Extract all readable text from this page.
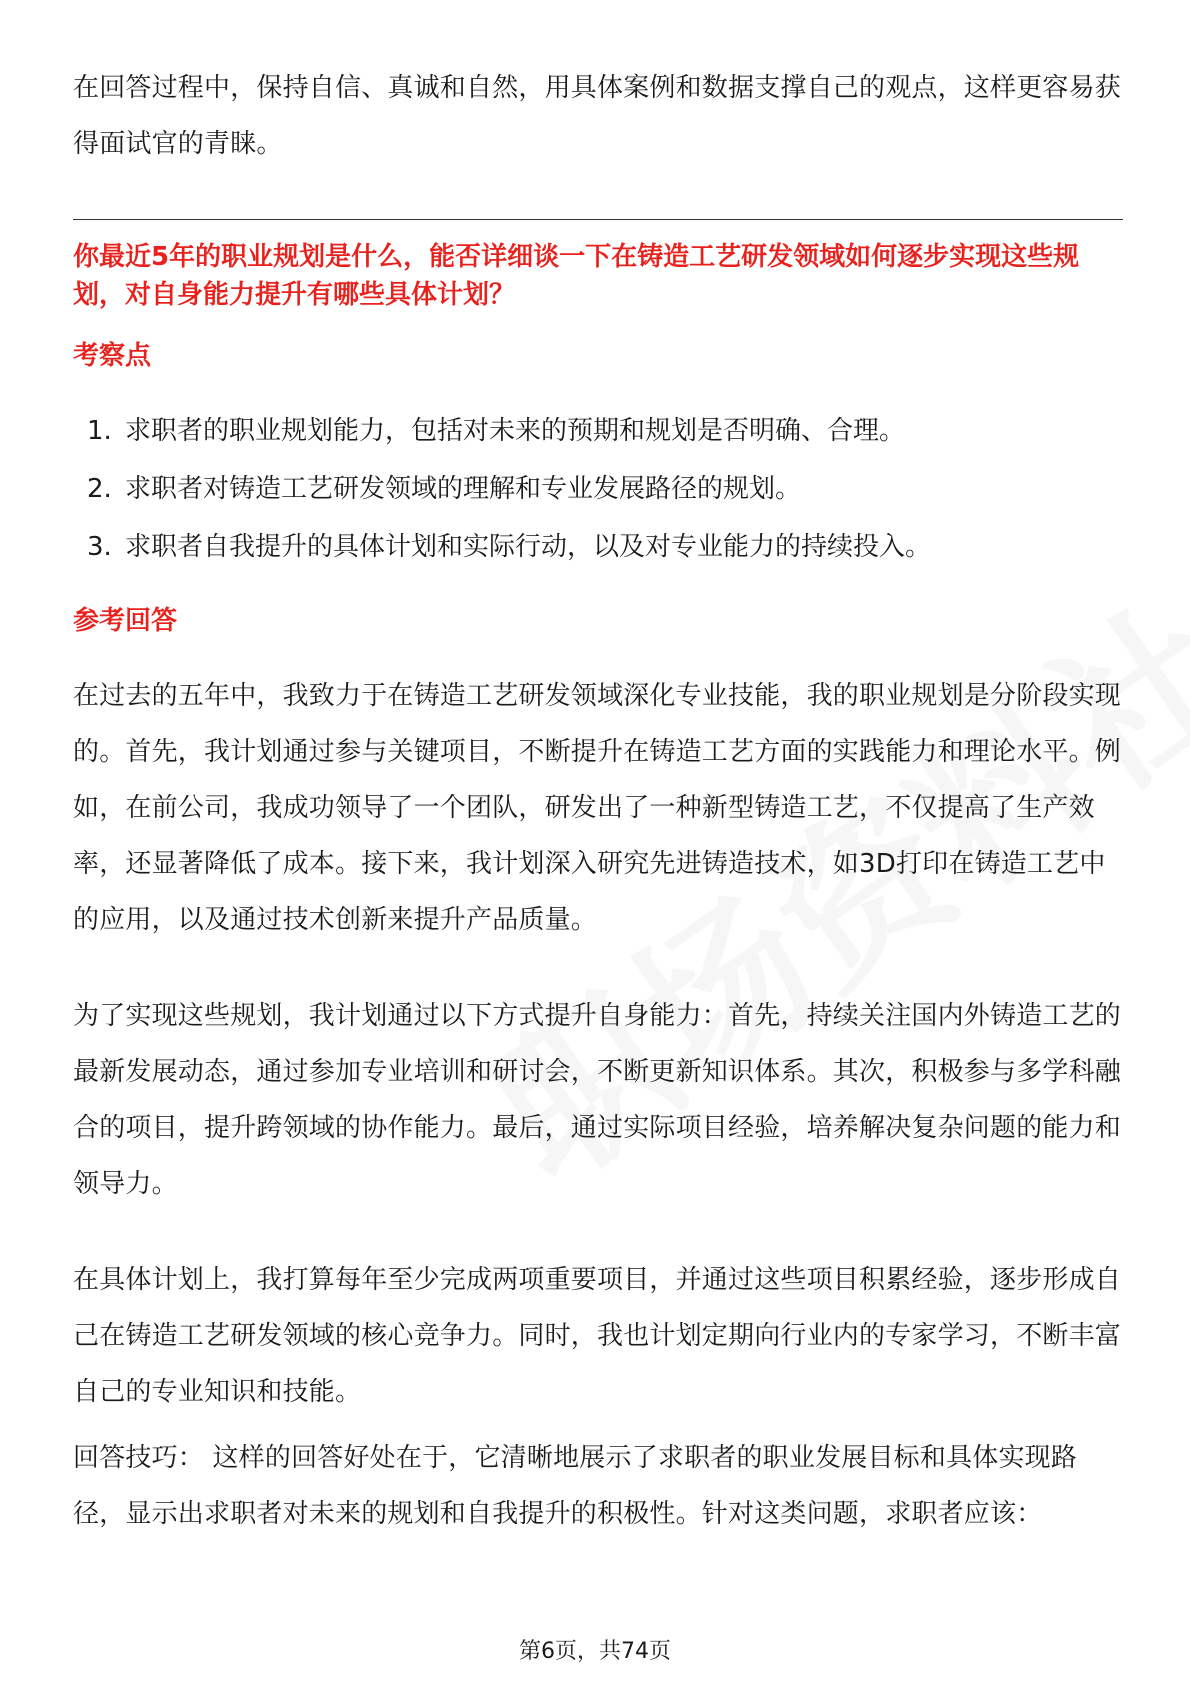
在回答过程中，保持自信、真诚和自然，用具体案例和数据支撑自己的观点，这样更容易获得面试官的青睐。

你最近5年的职业规划是什么，能否详细谈一下在铸造工艺研发领域如何逐步实现这些规划，对自身能力提升有哪些具体计划？

考察点

1. 求职者的职业规划能力，包括对未来的预期和规划是否明确、合理。
2. 求职者对铸造工艺研发领域的理解和专业发展路径的规划。
3. 求职者自我提升的具体计划和实际行动，以及对专业能力的持续投入。

参考回答

在过去的五年中，我致力于在铸造工艺研发领域深化专业技能，我的职业规划是分阶段实现的。首先，我计划通过参与关键项目，不断提升在铸造工艺方面的实践能力和理论水平。例如，在前公司，我成功领导了一个团队，研发出了一种新型铸造工艺，不仅提高了生产效率，还显著降低了成本。接下来，我计划深入研究先进铸造技术，如3D打印在铸造工艺中的应用，以及通过技术创新来提升产品质量。

为了实现这些规划，我计划通过以下方式提升自身能力：首先，持续关注国内外铸造工艺的最新发展动态，通过参加专业培训和研讨会，不断更新知识体系。其次，积极参与多学科融合的项目，提升跨领域的协作能力。最后，通过实际项目经验，培养解决复杂问题的能力和领导力。

在具体计划上，我打算每年至少完成两项重要项目，并通过这些项目积累经验，逐步形成自己在铸造工艺研发领域的核心竞争力。同时，我也计划定期向行业内的专家学习，不断丰富自己的专业知识和技能。

回答技巧： 这样的回答好处在于，它清晰地展示了求职者的职业发展目标和具体实现路径，显示出求职者对未来的规划和自我提升的积极性。针对这类问题，求职者应该：

第6页，共74页
